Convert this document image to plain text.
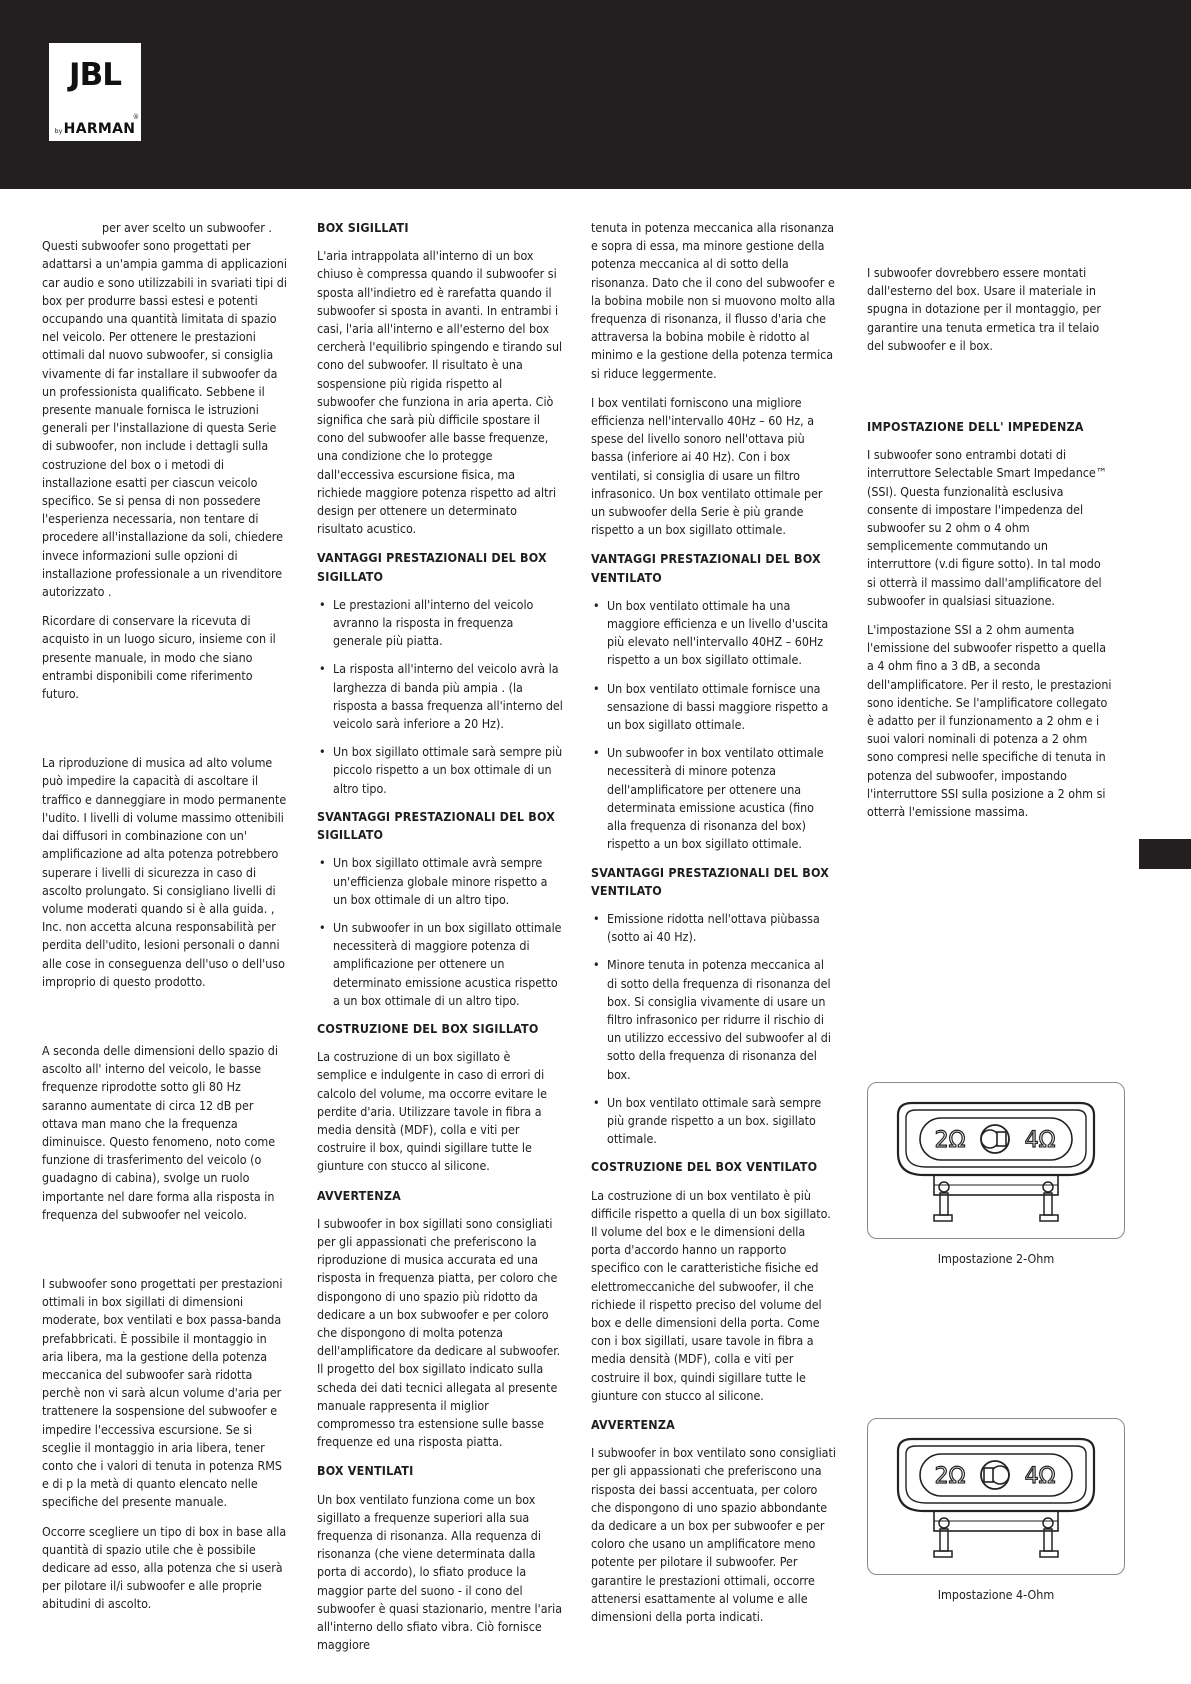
JBL
®
byHARMAN

per aver scelto un subwoofer . Questi subwoofer sono progettati per adattarsi a un'ampia gamma di applicazioni car audio e sono utilizzabili in svariati tipi di box per produrre bassi estesi e potenti occupando una quantità limitata di spazio nel veicolo. Per ottenere le prestazioni ottimali dal nuovo subwoofer, si consiglia vivamente di far installare il subwoofer da un professionista qualificato. Sebbene il presente manuale fornisca le istruzioni generali per l'installazione di questa Serie di subwoofer, non include i dettagli sulla costruzione del box o i metodi di installazione esatti per ciascun veicolo specifico. Se si pensa di non possedere l'esperienza necessaria, non tentare di procedere all'installazione da soli, chiedere invece informazioni sulle opzioni di installazione professionale a un rivenditore autorizzato .

Ricordare di conservare la ricevuta di acquisto in un luogo sicuro, insieme con il presente manuale, in modo che siano entrambi disponibili come riferimento futuro.

La riproduzione di musica ad alto volume può impedire la capacità di ascoltare il traffico e danneggiare in modo permanente l'udito. I livelli di volume massimo ottenibili dai diffusori in combinazione con un' amplificazione ad alta potenza potrebbero superare i livelli di sicurezza in caso di ascolto prolungato. Si consigliano livelli di volume moderati quando si è alla guida. , Inc. non accetta alcuna responsabilità per perdita dell'udito, lesioni personali o danni alle cose in conseguenza dell'uso o dell'uso improprio di questo prodotto.

A seconda delle dimensioni dello spazio di ascolto all' interno del veicolo, le basse frequenze riprodotte sotto gli 80 Hz saranno aumentate di circa 12 dB per ottava man mano che la frequenza diminuisce. Questo fenomeno, noto come funzione di trasferimento del veicolo (o guadagno di cabina), svolge un ruolo importante nel dare forma alla risposta in frequenza del subwoofer nel veicolo.

I subwoofer sono progettati per prestazioni ottimali in box sigillati di dimensioni moderate, box ventilati e box passa-banda prefabbricati. È possibile il montaggio in aria libera, ma la gestione della potenza meccanica del subwoofer sarà ridotta perchè non vi sarà alcun volume d'aria per trattenere la sospensione del subwoofer e impedire l'eccessiva escursione. Se si sceglie il montaggio in aria libera, tener conto che i valori di tenuta in potenza RMS e di p la metà di quanto elencato nelle specifiche del presente manuale.

Occorre scegliere un tipo di box in base alla quantità di spazio utile che è possibile dedicare ad esso, alla potenza che si userà per pilotare il/i subwoofer e alle proprie abitudini di ascolto.

BOX SIGILLATI

L'aria intrappolata all'interno di un box chiuso è compressa quando il subwoofer si sposta all'indietro ed è rarefatta quando il subwoofer si sposta in avanti. In entrambi i casi, l'aria all'interno e all'esterno del box cercherà l'equilibrio spingendo e tirando sul cono del subwoofer. Il risultato è una sospensione più rigida rispetto al subwoofer che funziona in aria aperta. Ciò significa che sarà più difficile spostare il cono del subwoofer alle basse frequenze, una condizione che lo protegge dall'eccessiva escursione fisica, ma richiede maggiore potenza rispetto ad altri design per ottenere un determinato risultato acustico.

VANTAGGI PRESTAZIONALI DEL BOX SIGILLATO
• Le prestazioni all'interno del veicolo avranno la risposta in frequenza generale più piatta.
• La risposta all'interno del veicolo avrà la larghezza di banda più ampia . (la risposta a bassa frequenza all'interno del veicolo sarà inferiore a 20 Hz).
• Un box sigillato ottimale sarà sempre più piccolo rispetto a un box ottimale di un altro tipo.
SVANTAGGI PRESTAZIONALI DEL BOX SIGILLATO
• Un box sigillato ottimale avrà sempre un'efficienza globale minore rispetto a un box ottimale di un altro tipo.
• Un subwoofer in un box sigillato ottimale necessiterà di maggiore potenza di amplificazione per ottenere un determinato emissione acustica rispetto a un box ottimale di un altro tipo.
COSTRUZIONE DEL BOX SIGILLATO

La costruzione di un box sigillato è semplice e indulgente in caso di errori di calcolo del volume, ma occorre evitare le perdite d'aria. Utilizzare tavole in fibra a media densità (MDF), colla e viti per costruire il box, quindi sigillare tutte le giunture con stucco al silicone.

AVVERTENZA

I subwoofer in box sigillati sono consigliati per gli appassionati che preferiscono la riproduzione di musica accurata ed una risposta in frequenza piatta, per coloro che dispongono di uno spazio più ridotto da dedicare a un box subwoofer e per coloro che dispongono di molta potenza dell'amplificatore da dedicare al subwoofer. Il progetto del box sigillato indicato sulla scheda dei dati tecnici allegata al presente manuale rappresenta il miglior compromesso tra estensione sulle basse frequenze ed una risposta piatta.

BOX VENTILATI

Un box ventilato funziona come un box sigillato a frequenze superiori alla sua frequenza di risonanza. Alla requenza di risonanza (che viene determinata dalla porta di accordo), lo sfiato produce la maggior parte del suono - il cono del subwoofer è quasi stazionario, mentre l'aria all'interno dello sfiato vibra. Ciò fornisce maggiore

tenuta in potenza meccanica alla risonanza e sopra di essa, ma minore gestione della potenza meccanica al di sotto della risonanza. Dato che il cono del subwoofer e la bobina mobile non si muovono molto alla frequenza di risonanza, il flusso d'aria che attraversa la bobina mobile è ridotto al minimo e la gestione della potenza termica si riduce leggermente.

I box ventilati forniscono una migliore efficienza nell'intervallo 40Hz – 60 Hz, a spese del livello sonoro nell'ottava più bassa (inferiore ai 40 Hz). Con i box ventilati, si consiglia di usare un filtro infrasonico. Un box ventilato ottimale per un subwoofer della Serie è più grande rispetto a un box sigillato ottimale.

VANTAGGI PRESTAZIONALI DEL BOX VENTILATO
• Un box ventilato ottimale ha una maggiore efficienza e un livello d'uscita più elevato nell'intervallo 40HZ – 60Hz rispetto a un box sigillato ottimale.
• Un box ventilato ottimale fornisce una sensazione di bassi maggiore rispetto a un box sigillato ottimale.
• Un subwoofer in box ventilato ottimale necessiterà di minore potenza dell'amplificatore per ottenere una determinata emissione acustica (fino alla frequenza di risonanza del box) rispetto a un box sigillato ottimale.
SVANTAGGI PRESTAZIONALI DEL BOX VENTILATO
• Emissione ridotta nell'ottava piùbassa (sotto ai 40 Hz).
• Minore tenuta in potenza meccanica al di sotto della frequenza di risonanza del box. Si consiglia vivamente di usare un filtro infrasonico per ridurre il rischio di un utilizzo eccessivo del subwoofer al di sotto della frequenza di risonanza del box.
• Un box ventilato ottimale sarà sempre più grande rispetto a un box. sigillato ottimale.
COSTRUZIONE DEL BOX VENTILATO

La costruzione di un box ventilato è più difficile rispetto a quella di un box sigillato. Il volume del box e le dimensioni della porta d'accordo hanno un rapporto specifico con le caratteristiche fisiche ed elettromeccaniche del subwoofer, il che richiede il rispetto preciso del volume del box e delle dimensioni della porta. Come con i box sigillati, usare tavole in fibra a media densità (MDF), colla e viti per costruire il box, quindi sigillare tutte le giunture con stucco al silicone.

AVVERTENZA

I subwoofer in box ventilato sono consigliati per gli appassionati che preferiscono una risposta dei bassi accentuata, per coloro che dispongono di uno spazio abbondante da dedicare a un box per subwoofer e per coloro che usano un amplificatore meno potente per pilotare il subwoofer. Per garantire le prestazioni ottimali, occorre attenersi esattamente al volume e alle dimensioni della porta indicati.

I subwoofer dovrebbero essere montati dall'esterno del box. Usare il materiale in spugna in dotazione per il montaggio, per garantire una tenuta ermetica tra il telaio del subwoofer e il box.

IMPOSTAZIONE DELL' IMPEDENZA

I subwoofer sono entrambi dotati di interruttore Selectable Smart Impedance™ (SSI). Questa funzionalità esclusiva consente di impostare l'impedenza del subwoofer su 2 ohm o 4 ohm semplicemente commutando un interruttore (v.di figure sotto). In tal modo si otterrà il massimo dall'amplificatore del subwoofer in qualsiasi situazione.

L'impostazione SSI a 2 ohm aumenta l'emissione del subwoofer rispetto a quella a 4 ohm fino a 3 dB, a seconda dell'amplificatore. Per il resto, le prestazioni sono identiche. Se l'amplificatore collegato è adatto per il funzionamento a 2 ohm e i suoi valori nominali di potenza a 2 ohm sono compresi nelle specifiche di tenuta in potenza del subwoofer, impostando l'interruttore SSI sulla posizione a 2 ohm si otterrà l'emissione massima.

2Ω	4Ω
Impostazione 2-Ohm
2Ω	4Ω
Impostazione 4-Ohm
